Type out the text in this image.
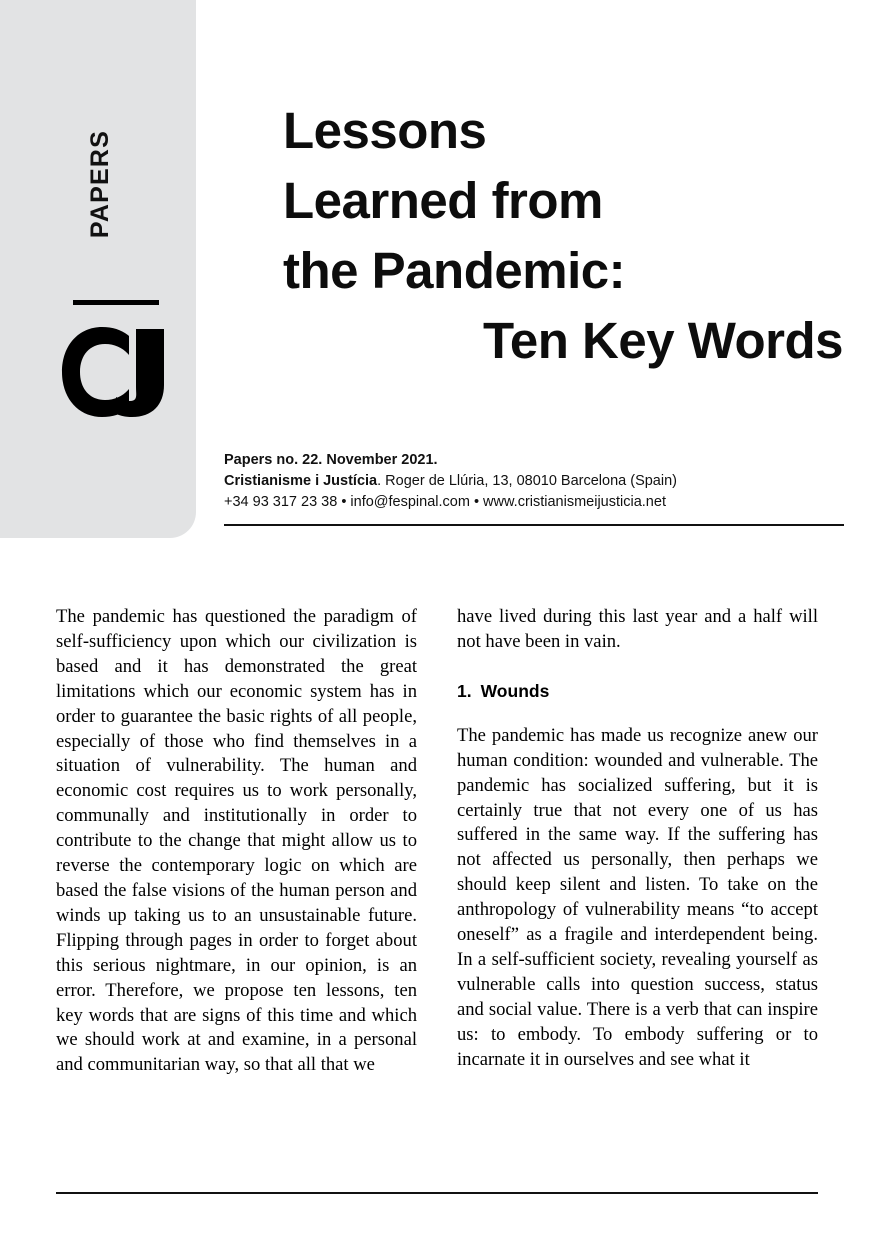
PAPERS	Lessons
Learned from
the Pandemic:
Ten Key Words
Papers no. 22. November 2021.
Cristianisme i Justícia. Roger de Llúria, 13, 08010 Barcelona (Spain)
+34 93 317 23 38 • info@fespinal.com • www.cristianismeijusticia.net

The pandemic has questioned the paradigm of self-sufficiency upon which our civilization is based and it has demonstrated the great limitations which our economic system has in order to guarantee the basic rights of all people, especially of those who find themselves in a situation of vulnerability. The human and economic cost requires us to work personally, communally and institutionally in order to contribute to the change that might allow us to reverse the contemporary logic on which are based the false visions of the human person and winds up taking us to an unsustainable future. Flipping through pages in order to forget about this serious nightmare, in our opinion, is an error. Therefore, we propose ten lessons, ten key words that are signs of this time and which we should work at and examine, in a personal and communitarian way, so that all that we

have lived during this last year and a half will not have been in vain.

1. Wounds

The pandemic has made us recognize anew our human condition: wounded and vulnerable. The pandemic has socialized suffering, but it is certainly true that not every one of us has suffered in the same way. If the suffering has not affected us personally, then perhaps we should keep silent and listen. To take on the anthropology of vulnerability means “to accept oneself” as a fragile and interdependent being. In a self-sufficient society, revealing yourself as vulnerable calls into question success, status and social value. There is a verb that can inspire us: to embody. To embody suffering or to incarnate it in ourselves and see what it
